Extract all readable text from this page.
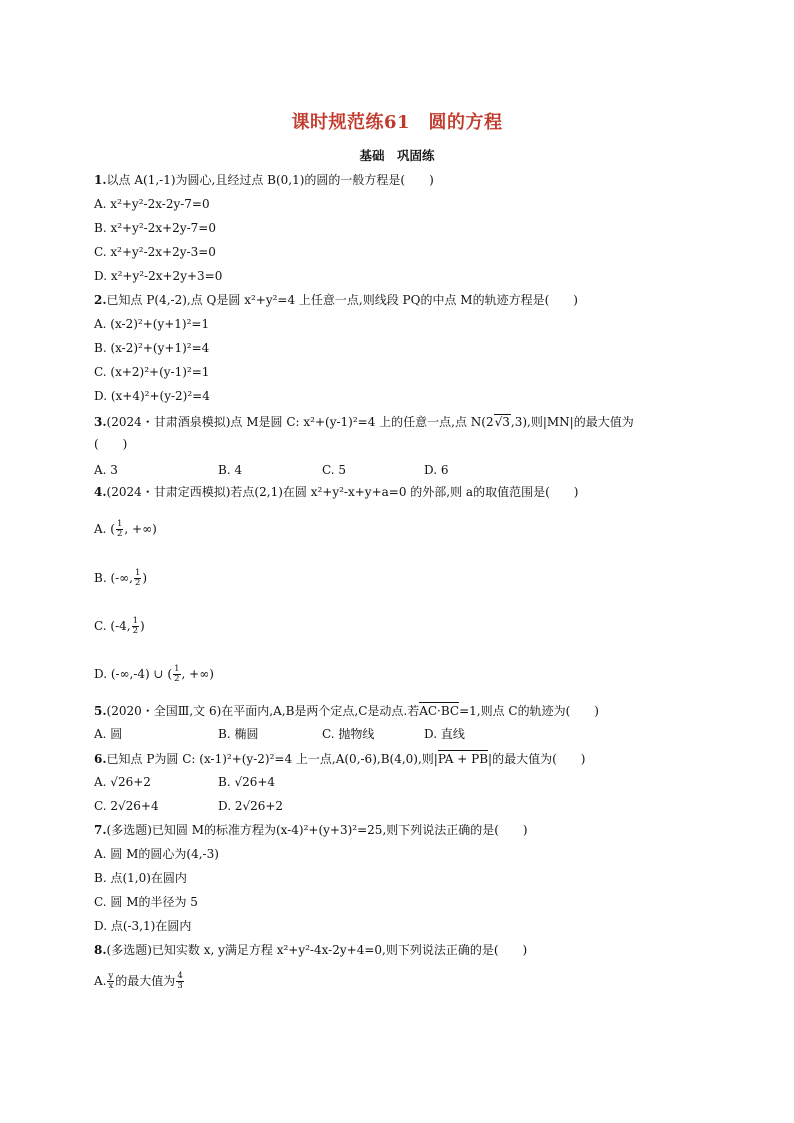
课时规范练61　圆的方程
基础　巩固练
1.以点 A(1,-1)为圆心,且经过点 B(0,1)的圆的一般方程是(　　)
A. x²+y²-2x-2y-7=0
B. x²+y²-2x+2y-7=0
C. x²+y²-2x+2y-3=0
D. x²+y²-2x+2y+3=0
2.已知点 P(4,-2),点 Q是圆 x²+y²=4 上任意一点,则线段 PQ的中点 M的轨迹方程是(　　)
A. (x-2)²+(y+1)²=1
B. (x-2)²+(y+1)²=4
C. (x+2)²+(y-1)²=1
D. (x+4)²+(y-2)²=4
3.(2024・甘肃酒泉模拟)点 M是圆 C: x²+(y-1)²=4 上的任意一点,点 N(2√3,3),则|MN|的最大值为
(　　)
A. 3	B. 4	C. 5	D. 6
4.(2024・甘肃定西模拟)若点(2,1)在圆 x²+y²-x+y+a=0 的外部,则 a的取值范围是(　　)
A. ( $\frac{1}{2}$ , +∞)
B. (-∞, $\frac{1}{2}$ )
C. (-4, $\frac{1}{2}$ )
D. (-∞,-4) ∪ ( $\frac{1}{2}$ , +∞)
5.(2020・全国Ⅲ,文 6)在平面内,A,B是两个定点,C是动点.若AC·BC=1,则点 C的轨迹为(　　)
A. 圆	B. 椭圆	C. 抛物线	D. 直线
6.已知点 P为圆 C: (x-1)²+(y-2)²=4 上一点,A(0,-6),B(4,0),则|PA + PB|的最大值为(　　)
A. √26+2	B. √26+4
C. 2√26+4	D. 2√26+2
7.(多选题)已知圆 M的标准方程为(x-4)²+(y+3)²=25,则下列说法正确的是(　　)
A. 圆 M的圆心为(4,-3)
B. 点(1,0)在圆内
C. 圆 M的半径为 5
D. 点(-3,1)在圆内
8.(多选题)已知实数 x, y满足方程 x²+y²-4x-2y+4=0,则下列说法正确的是(　　)
A. $\frac{y}{x}$ 的最大值为 $\frac{4}{3}$
